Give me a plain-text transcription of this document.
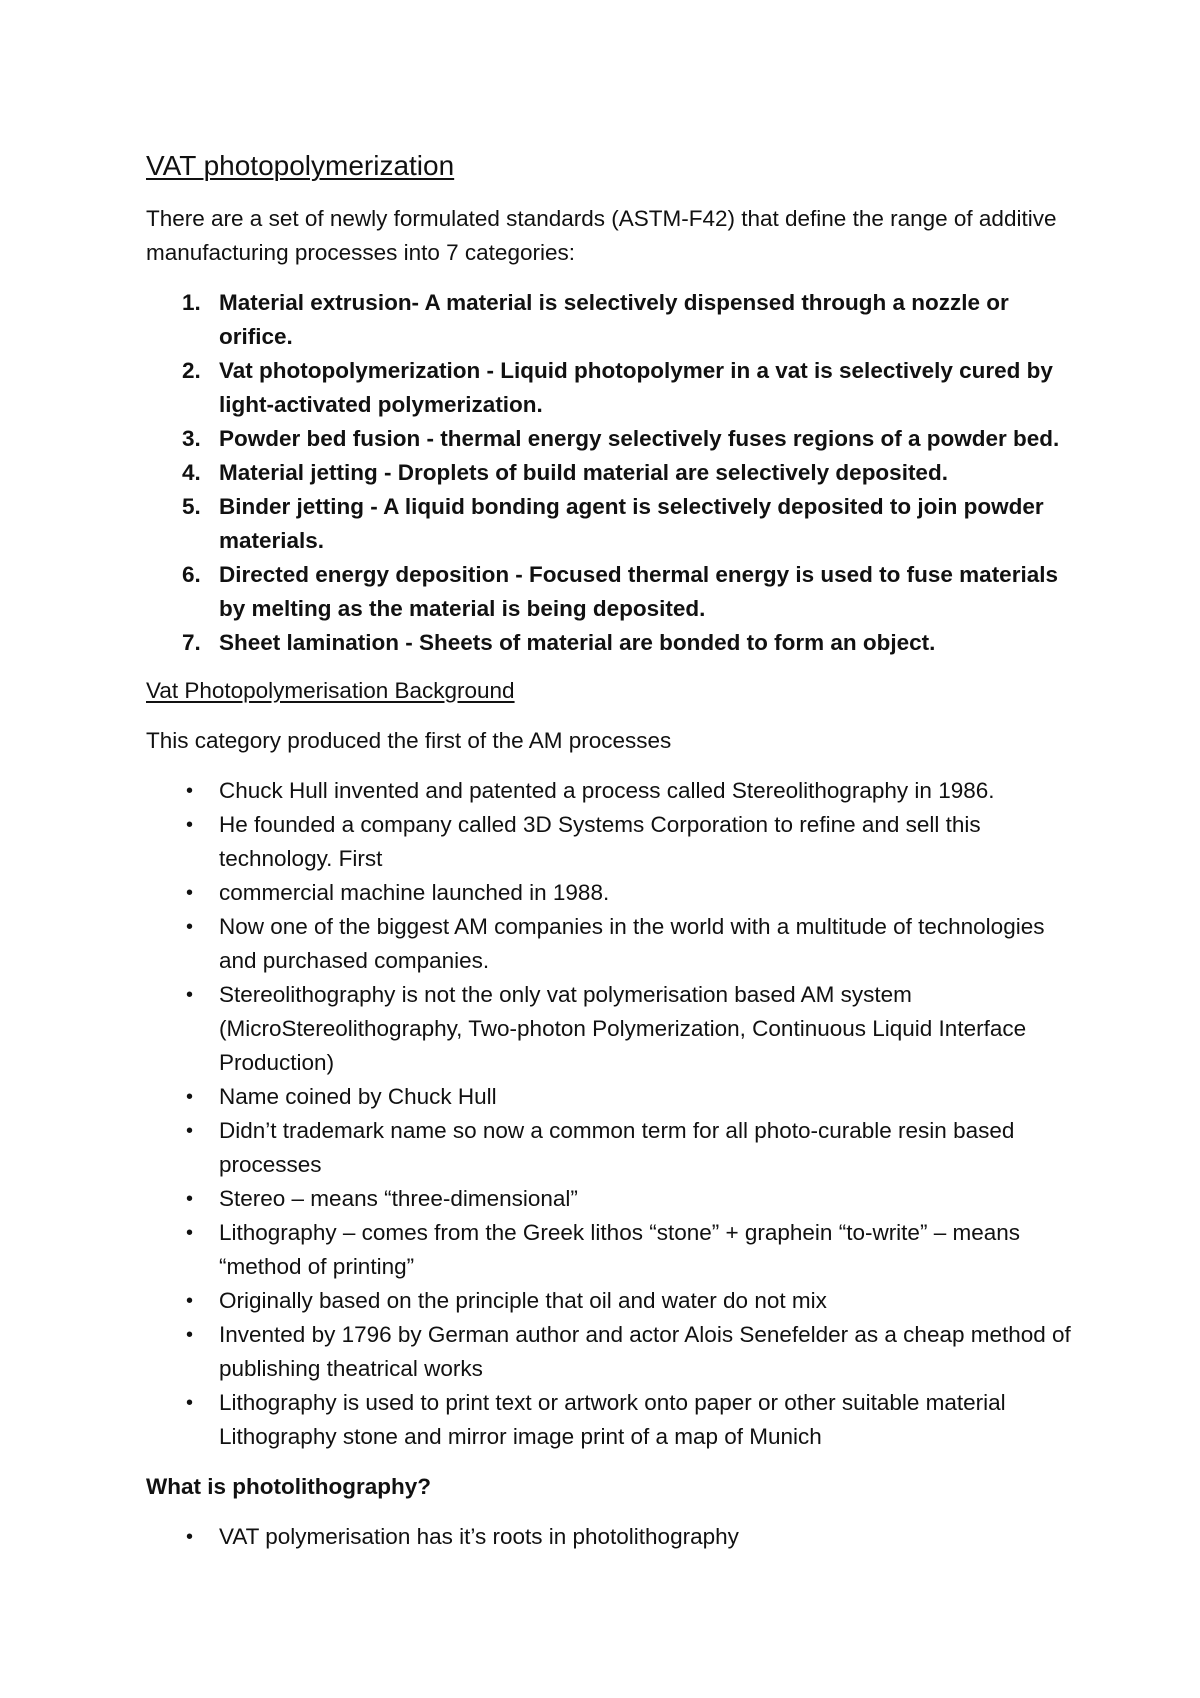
VAT photopolymerization
There are a set of newly formulated standards (ASTM-F42) that define the range of additive manufacturing processes into 7 categories:
1. Material extrusion- A material is selectively dispensed through a nozzle or orifice.
2. Vat photopolymerization - Liquid photopolymer in a vat is selectively cured by light-activated polymerization.
3. Powder bed fusion - thermal energy selectively fuses regions of a powder bed.
4. Material jetting - Droplets of build material are selectively deposited.
5. Binder jetting - A liquid bonding agent is selectively deposited to join powder materials.
6. Directed energy deposition - Focused thermal energy is used to fuse materials by melting as the material is being deposited.
7. Sheet lamination - Sheets of material are bonded to form an object.
Vat Photopolymerisation Background
This category produced the first of the AM processes
• Chuck Hull invented and patented a process called Stereolithography in 1986.
• He founded a company called 3D Systems Corporation to refine and sell this technology. First
• commercial machine launched in 1988.
• Now one of the biggest AM companies in the world with a multitude of technologies and purchased companies.
• Stereolithography is not the only vat polymerisation based AM system (MicroStereolithography, Two-photon Polymerization, Continuous Liquid Interface Production)
• Name coined by Chuck Hull
• Didn’t trademark name so now a common term for all photo-curable resin based processes
• Stereo – means “three-dimensional”
• Lithography – comes from the Greek lithos “stone” + graphein “to-write” – means “method of printing”
• Originally based on the principle that oil and water do not mix
• Invented by 1796 by German author and actor Alois Senefelder as a cheap method of publishing theatrical works
• Lithography is used to print text or artwork onto paper or other suitable material Lithography stone and mirror image print of a map of Munich
What is photolithography?
• VAT polymerisation has it’s roots in photolithography
